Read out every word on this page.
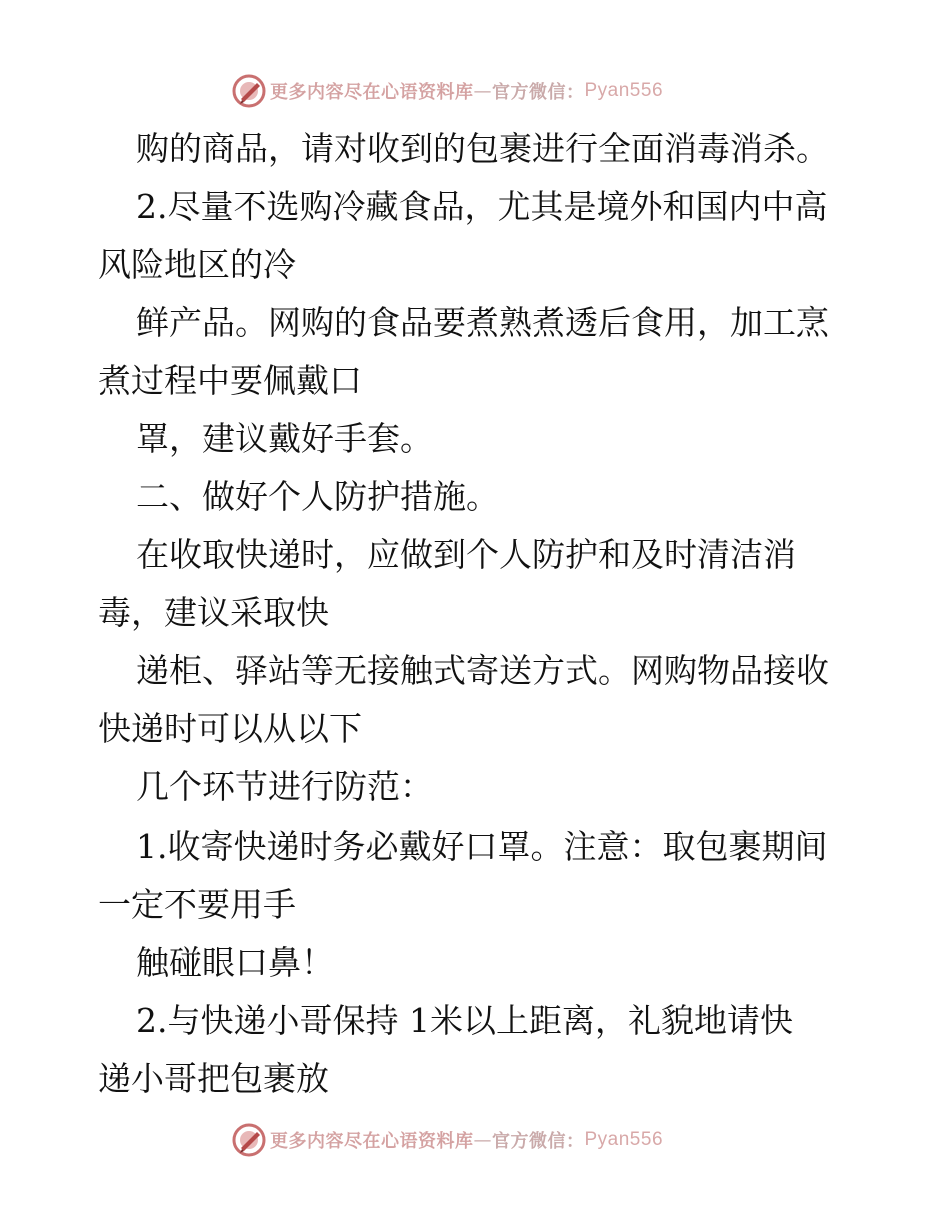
更多内容尽在心语资料库 — 官方微信： Pyan556
购的商品，请对收到的包裹进行全面消毒消杀。
2.尽量不选购冷藏食品，尤其是境外和国内中高
风险地区的冷
鲜产品。网购的食品要煮熟煮透后食用，加工烹
煮过程中要佩戴口
罩，建议戴好手套。
二、做好个人防护措施。
在收取快递时，应做到个人防护和及时清洁消
毒，建议采取快
递柜、驿站等无接触式寄送方式。网购物品接收
快递时可以从以下
几个环节进行防范：
1.收寄快递时务必戴好口罩。注意：取包裹期间
一定不要用手
触碰眼口鼻！
2.与快递小哥保持 1米以上距离，礼貌地请快
递小哥把包裹放
更多内容尽在心语资料库 — 官方微信： Pyan556
